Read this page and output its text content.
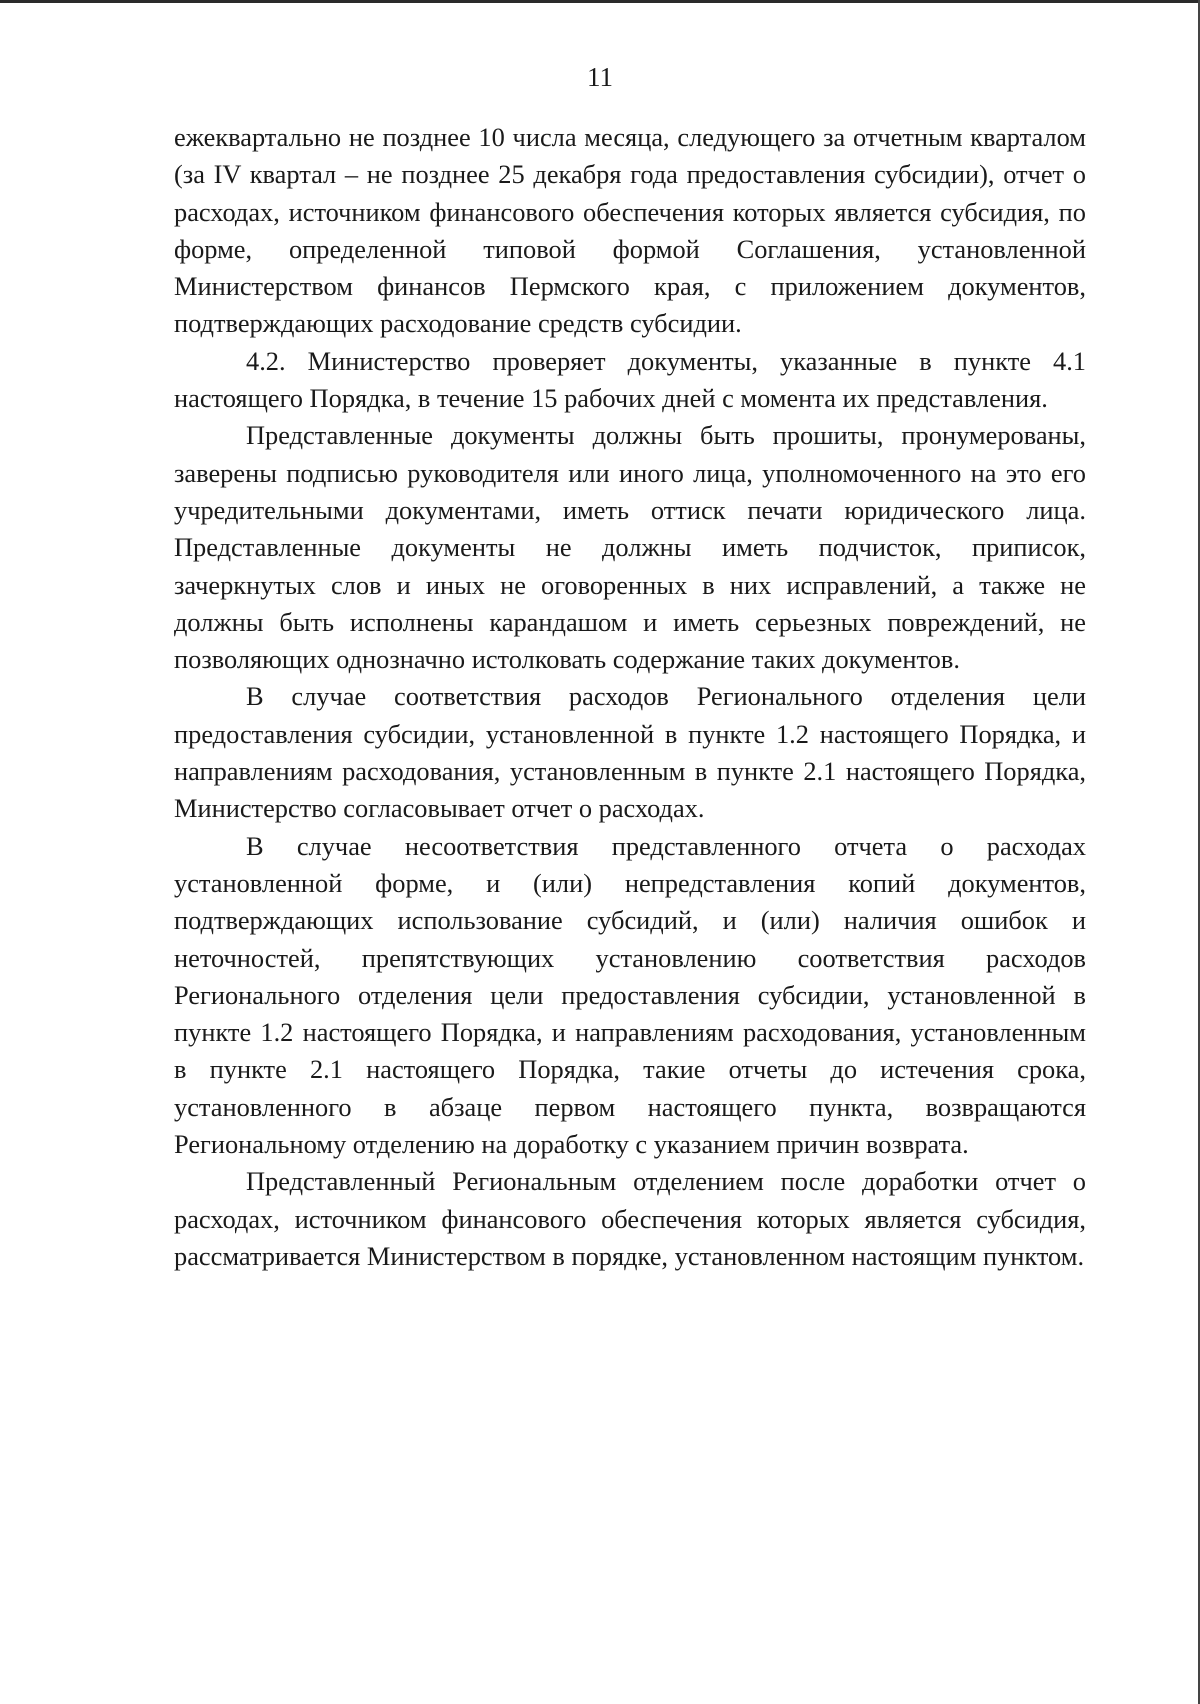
11

ежеквартально не позднее 10 числа месяца, следующего за отчетным кварталом (за IV квартал – не позднее 25 декабря года предоставления субсидии), отчет о расходах, источником финансового обеспечения которых является субсидия, по форме, определенной типовой формой Соглашения, установленной Министерством финансов Пермского края, с приложением документов, подтверждающих расходование средств субсидии.

4.2. Министерство проверяет документы, указанные в пункте 4.1 настоящего Порядка, в течение 15 рабочих дней с момента их представления.

Представленные документы должны быть прошиты, пронумерованы, заверены подписью руководителя или иного лица, уполномоченного на это его учредительными документами, иметь оттиск печати юридического лица. Представленные документы не должны иметь подчисток, приписок, зачеркнутых слов и иных не оговоренных в них исправлений, а также не должны быть исполнены карандашом и иметь серьезных повреждений, не позволяющих однозначно истолковать содержание таких документов.

В случае соответствия расходов Регионального отделения цели предоставления субсидии, установленной в пункте 1.2 настоящего Порядка, и направлениям расходования, установленным в пункте 2.1 настоящего Порядка, Министерство согласовывает отчет о расходах.

В случае несоответствия представленного отчета о расходах установленной форме, и (или) непредставления копий документов, подтверждающих использование субсидий, и (или) наличия ошибок и неточностей, препятствующих установлению соответствия расходов Регионального отделения цели предоставления субсидии, установленной в пункте 1.2 настоящего Порядка, и направлениям расходования, установленным в пункте 2.1 настоящего Порядка, такие отчеты до истечения срока, установленного в абзаце первом настоящего пункта, возвращаются Региональному отделению на доработку с указанием причин возврата.

Представленный Региональным отделением после доработки отчет о расходах, источником финансового обеспечения которых является субсидия, рассматривается Министерством в порядке, установленном настоящим пунктом.
